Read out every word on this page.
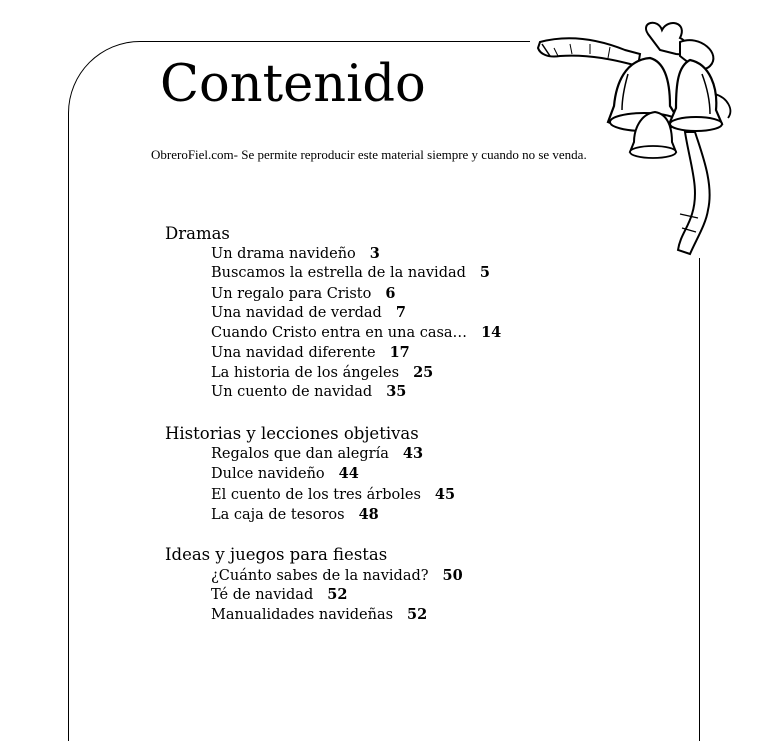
Contenido
ObreroFiel.com- Se permite reproducir este material siempre y cuando no se venda.
Dramas
Un drama navideño 3
Buscamos la estrella de la navidad 5
Un regalo para Cristo 6
Una navidad de verdad 7
Cuando Cristo entra en una casa… 14
Una navidad diferente 17
La historia de los ángeles 25
Un cuento de navidad 35
Historias y lecciones objetivas
Regalos que dan alegría 43
Dulce navideño 44
El cuento de los tres árboles 45
La caja de tesoros 48
Ideas y juegos para fiestas
¿Cuánto sabes de la navidad? 50
Té de navidad 52
Manualidades navideñas 52
